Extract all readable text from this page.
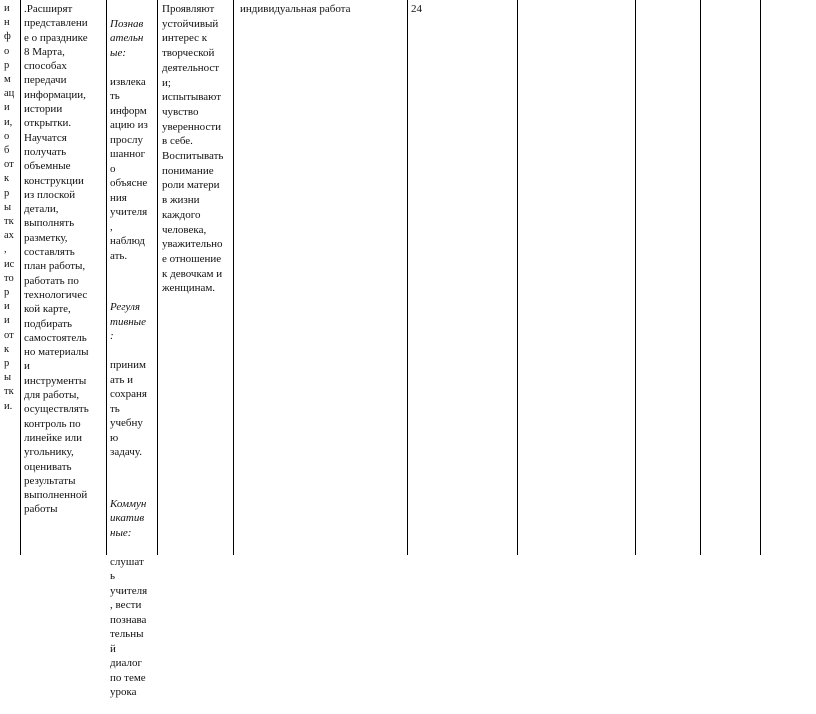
и
н
ф
о
р
м
ац
и
и,
о
б
от
к
р
ы
тк
ах
,
ис
то
р
и
и
от
к
р
ы
тк
и.
.Расширят
представлени
е о празднике
8 Марта,
способах
передачи
информации,
истории
открытки.
Научатся
получать
объемные
конструкции
из плоской
детали,
выполнять
разметку,
составлять
план работы,
работать по
технологичес
кой карте,
подбирать
самостоятель
но материалы
и
инструменты
для работы,
осуществлять
контроль по
линейке или
угольнику,
оценивать
результаты
выполненной
работы

Познав
ательн
ые:

извлека
ть
информ
ацию из
прослу
шанног
о
объясне
ния
учителя
,
наблюд
ать.

Регуля
тивные
:

приним
ать и
сохраня
ть
учебну
ю
задачу.

Коммун
икатив
ные:

слушат
ь
учителя
, вести
познава
тельны
й
диалог
по теме
урока

Проявляют
устойчивый
интерес к
творческой
деятельност
и;
испытывают
чувство
уверенности
в себе.
Воспитывать
понимание
роли матери
в жизни
каждого
человека,
уважительно
е отношение
к девочкам и
женщинам.
индивидуальная работа	24
